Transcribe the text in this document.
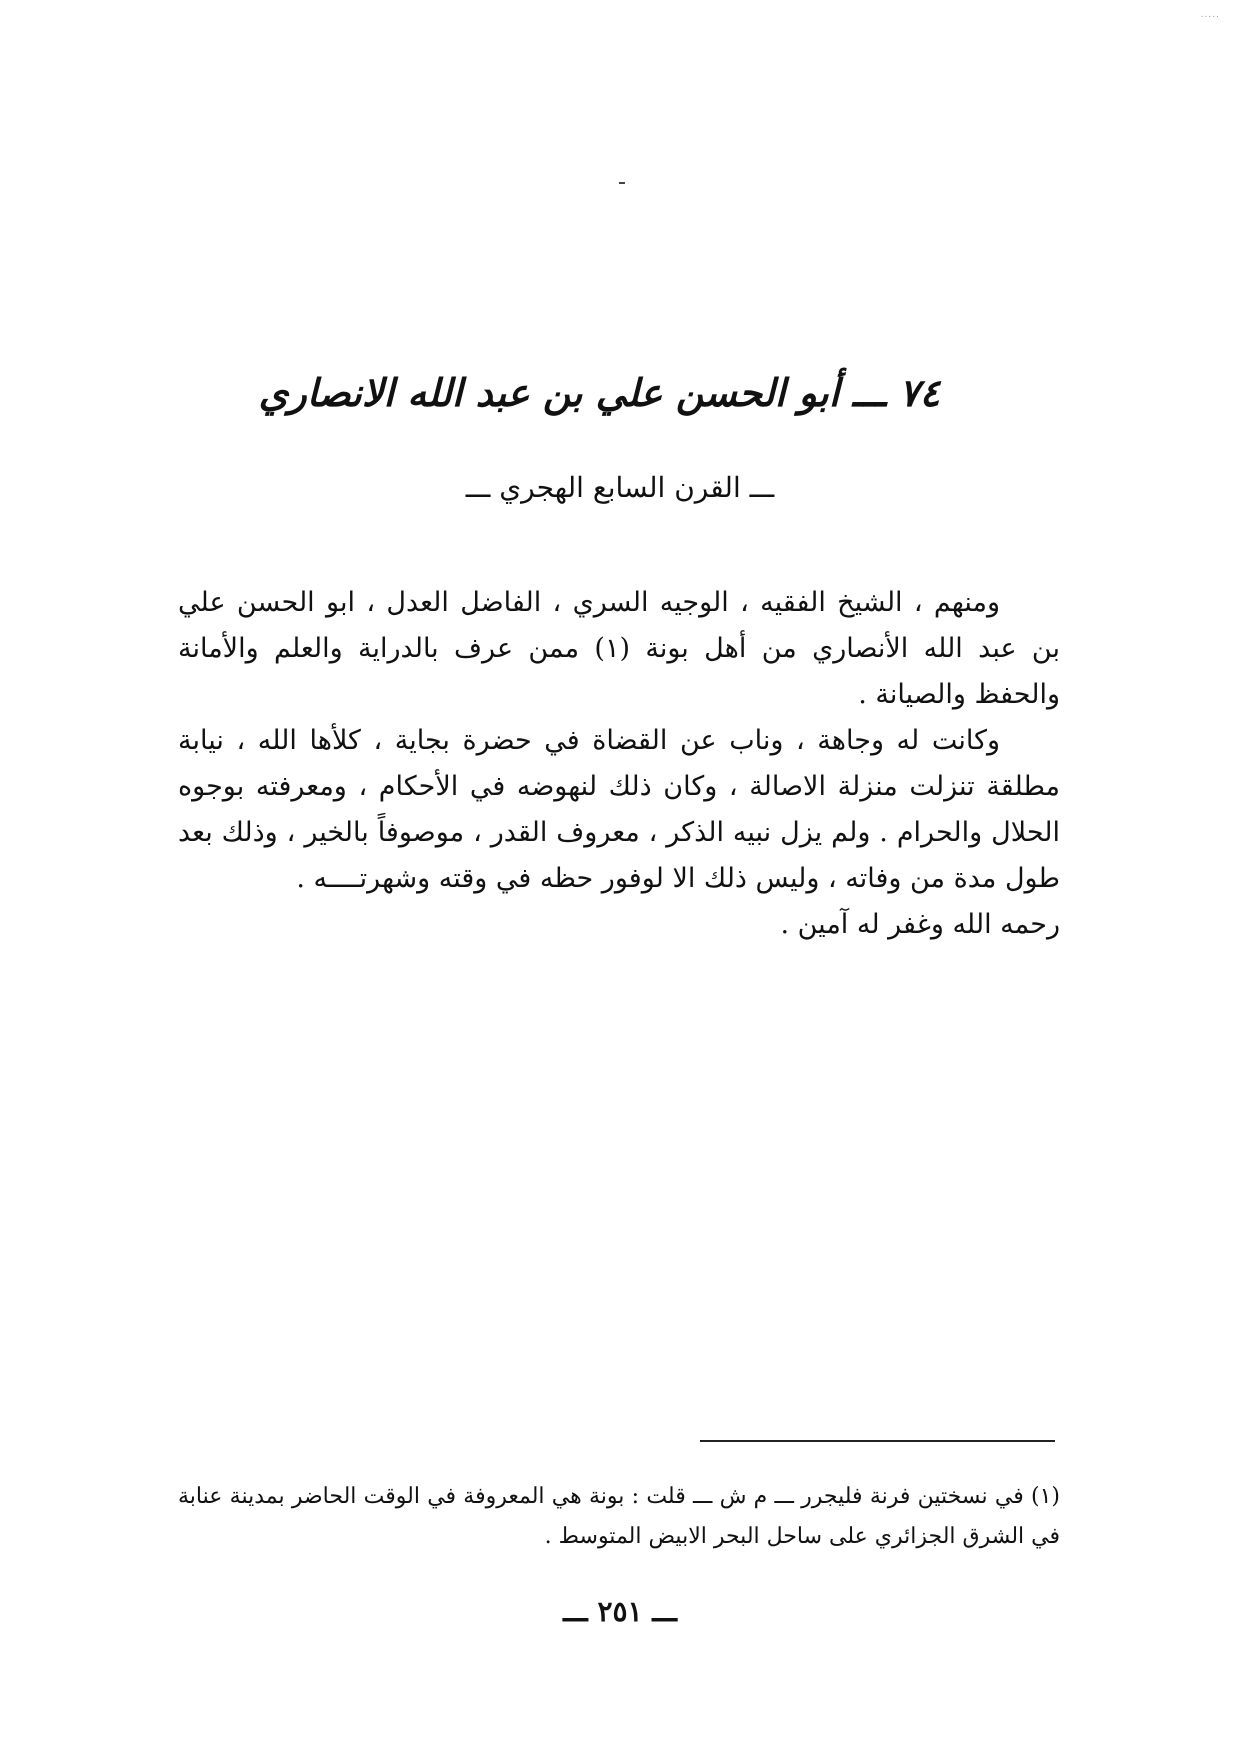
.....
٧٤ ـــ أبو الحسن علي بن عبد الله الانصاري
ـــ القرن السابع الهجري ـــ

ومنهم ، الشيخ الفقيه ، الوجيه السري ، الفاضل العدل ، ابو الحسن علي بن عبد الله الأنصاري من أهل بونة (١) ممن عرف بالدراية والعلم والأمانة والحفظ والصيانة .

وكانت له وجاهة ، وناب عن القضاة في حضرة بجاية ، كلأها الله ، نيابة مطلقة تنزلت منزلة الاصالة ، وكان ذلك لنهوضه في الأحكام ، ومعرفته بوجوه الحلال والحرام . ولم يزل نبيه الذكر ، معروف القدر ، موصوفاً بالخير ، وذلك بعد طول مدة من وفاته ، وليس ذلك الا لوفور حظه في وقته وشهرتــــه .

رحمه الله وغفر له آمين .

(١) في نسختين فرنة فليجرر ـــ م ش ـــ قلت : بونة هي المعروفة في الوقت الحاضر بمدينة عنابة في الشرق الجزائري على ساحل البحر الابيض المتوسط .

ـــ ٢٥١ ـــ
